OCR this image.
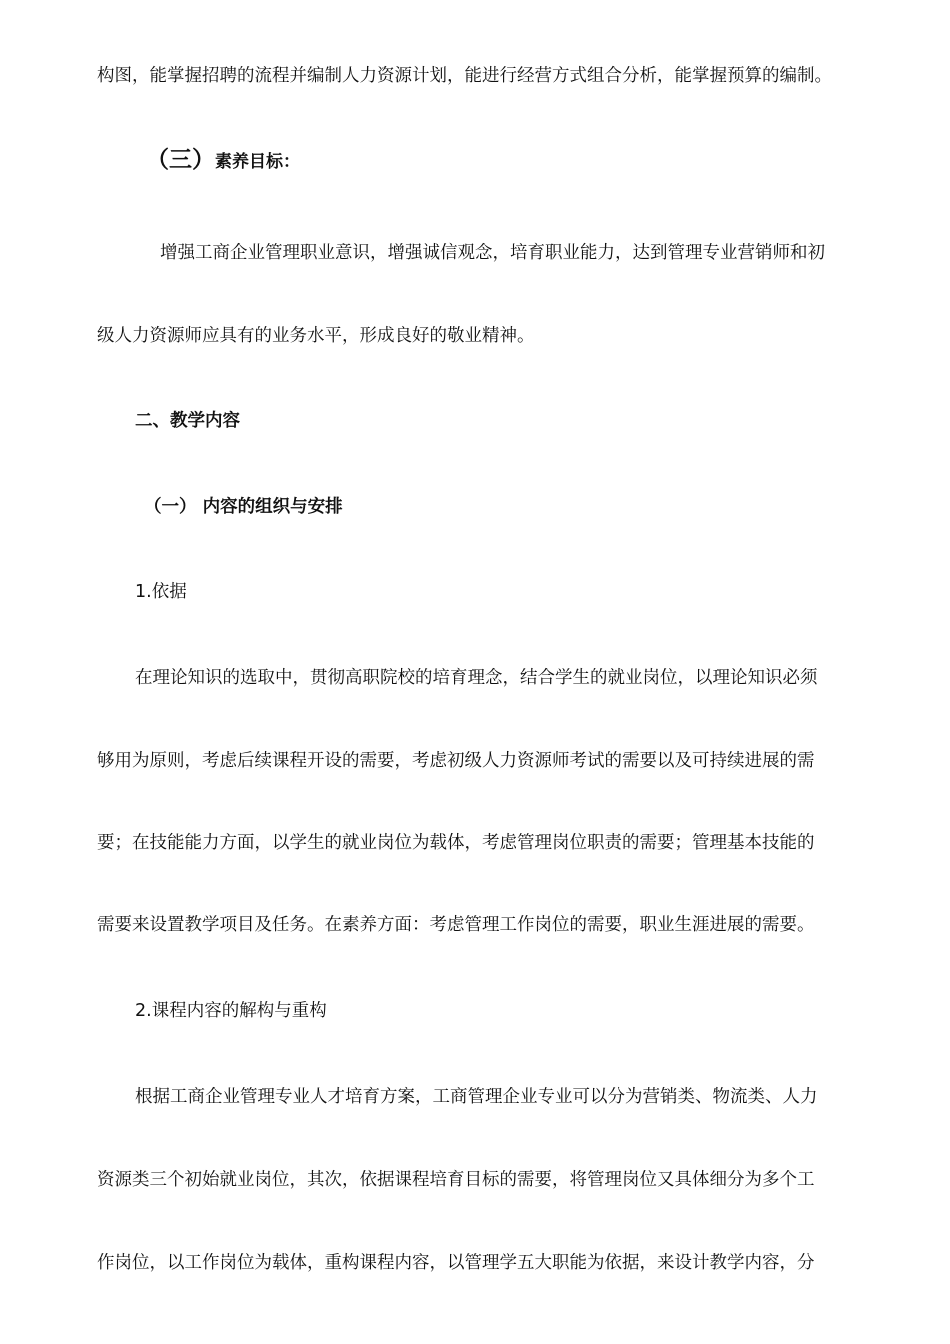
构图，能掌握招聘的流程并编制人力资源计划，能进行经营方式组合分析，能掌握预算的编制。
（三）素养目标：
增强工商企业管理职业意识，增强诚信观念，培育职业能力，达到管理专业营销师和初
级人力资源师应具有的业务水平，形成良好的敬业精神。
二、教学内容
（一） 内容的组织与安排
1.依据
在理论知识的选取中，贯彻高职院校的培育理念，结合学生的就业岗位，以理论知识必须
够用为原则，考虑后续课程开设的需要，考虑初级人力资源师考试的需要以及可持续进展的需
要；在技能能力方面，以学生的就业岗位为载体，考虑管理岗位职责的需要；管理基本技能的
需要来设置教学项目及任务。在素养方面：考虑管理工作岗位的需要，职业生涯进展的需要。
2.课程内容的解构与重构
根据工商企业管理专业人才培育方案，工商管理企业专业可以分为营销类、物流类、人力
资源类三个初始就业岗位，其次，依据课程培育目标的需要，将管理岗位又具体细分为多个工
作岗位，以工作岗位为载体，重构课程内容，以管理学五大职能为依据，来设计教学内容，分
